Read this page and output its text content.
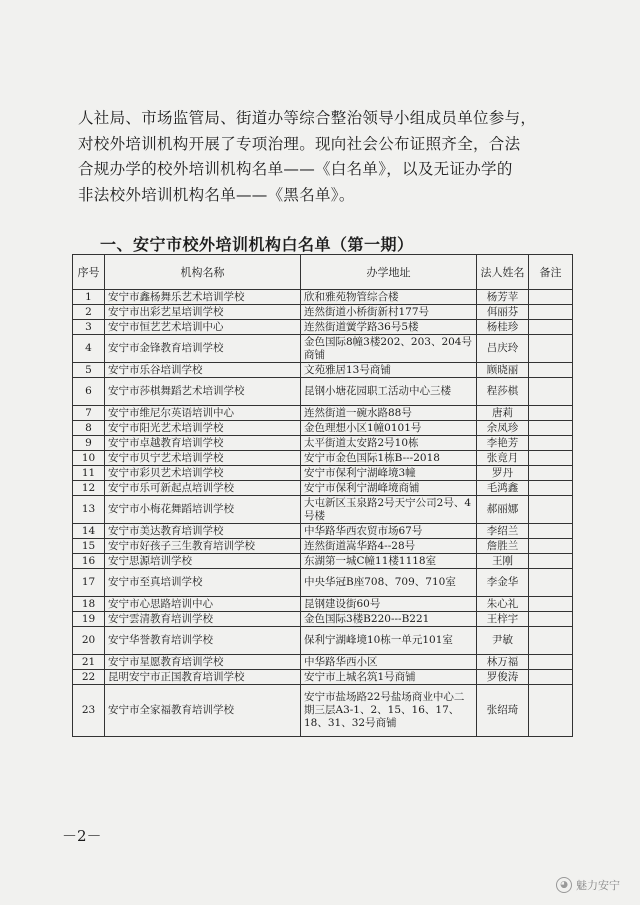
人社局、市场监管局、街道办等综合整治领导小组成员单位参与，

对校外培训机构开展了专项治理。现向社会公布证照齐全，合法

合规办学的校外培训机构名单——《白名单》，以及无证办学的

非法校外培训机构名单——《黑名单》。

一、安宁市校外培训机构白名单（第一期）
序号	机构名称	办学地址	法人姓名	备注
1	安宁市鑫杨舞乐艺术培训学校	欣和雅苑物管综合楼	杨芳苹	
2	安宁市出彩艺星培训学校	连然街道小桥街新村177号	佴丽芬	
3	安宁市恒艺艺术培训中心	连然街道黉学路36号5楼	杨桂珍	
4	安宁市金锋教育培训学校	金色国际8幢3楼202、203、204号商铺	吕庆玲	
5	安宁市乐谷培训学校	文苑雅居13号商铺	顾晓丽	
6	安宁市莎棋舞蹈艺术培训学校	昆钢小塘花园职工活动中心三楼	程莎棋	
7	安宁市维尼尔英语培训中心	连然街道一碗水路88号	唐莉	
8	安宁市阳光艺术培训学校	金色理想小区1幢0101号	余凤珍	
9	安宁市卓越教育培训学校	太平街道太安路2号10栋	李艳芳	
10	安宁市贝宁艺术培训学校	安宁市金色国际1栋B---2018	张竟月	
11	安宁市彩贝艺术培训学校	安宁市保利宁湖峰境3幢	罗丹	
12	安宁市乐可新起点培训学校	安宁市保利宁湖峰境商铺	毛鸿鑫	
13	安宁市小梅花舞蹈培训学校	大屯新区玉泉路2号天宁公司2号、4号楼	郝丽娜	
14	安宁市美达教育培训学校	中华路华西农贸市场67号	李绍兰	
15	安宁市好孩子三生教育培训学校	连然街道嵩华路4--28号	詹胜兰	
16	安宁思源培训学校	东湖第一城C幢11楼1118室	王刚	
17	安宁市至真培训学校	中央华冠B座708、709、710室	李金华	
18	安宁市心思路培训中心	昆钢建设街60号	朱心礼	
19	安宁雲清教育培训学校	金色国际3楼B220---B221	王梓宇	
20	安宁华誉教育培训学校	保利宁湖峰境10栋一单元101室	尹敏	
21	安宁市星愿教育培训学校	中华路华西小区	林万福	
22	昆明安宁市正国教育培训学校	安宁市上城名筑1号商铺	罗俊涛	
23	安宁市全家福教育培训学校	安宁市盐场路22号盐场商业中心二期三层A3-1、2、15、16、17、18、31、32号商铺	张绍琦	
－2－
◕ 魅力安宁
